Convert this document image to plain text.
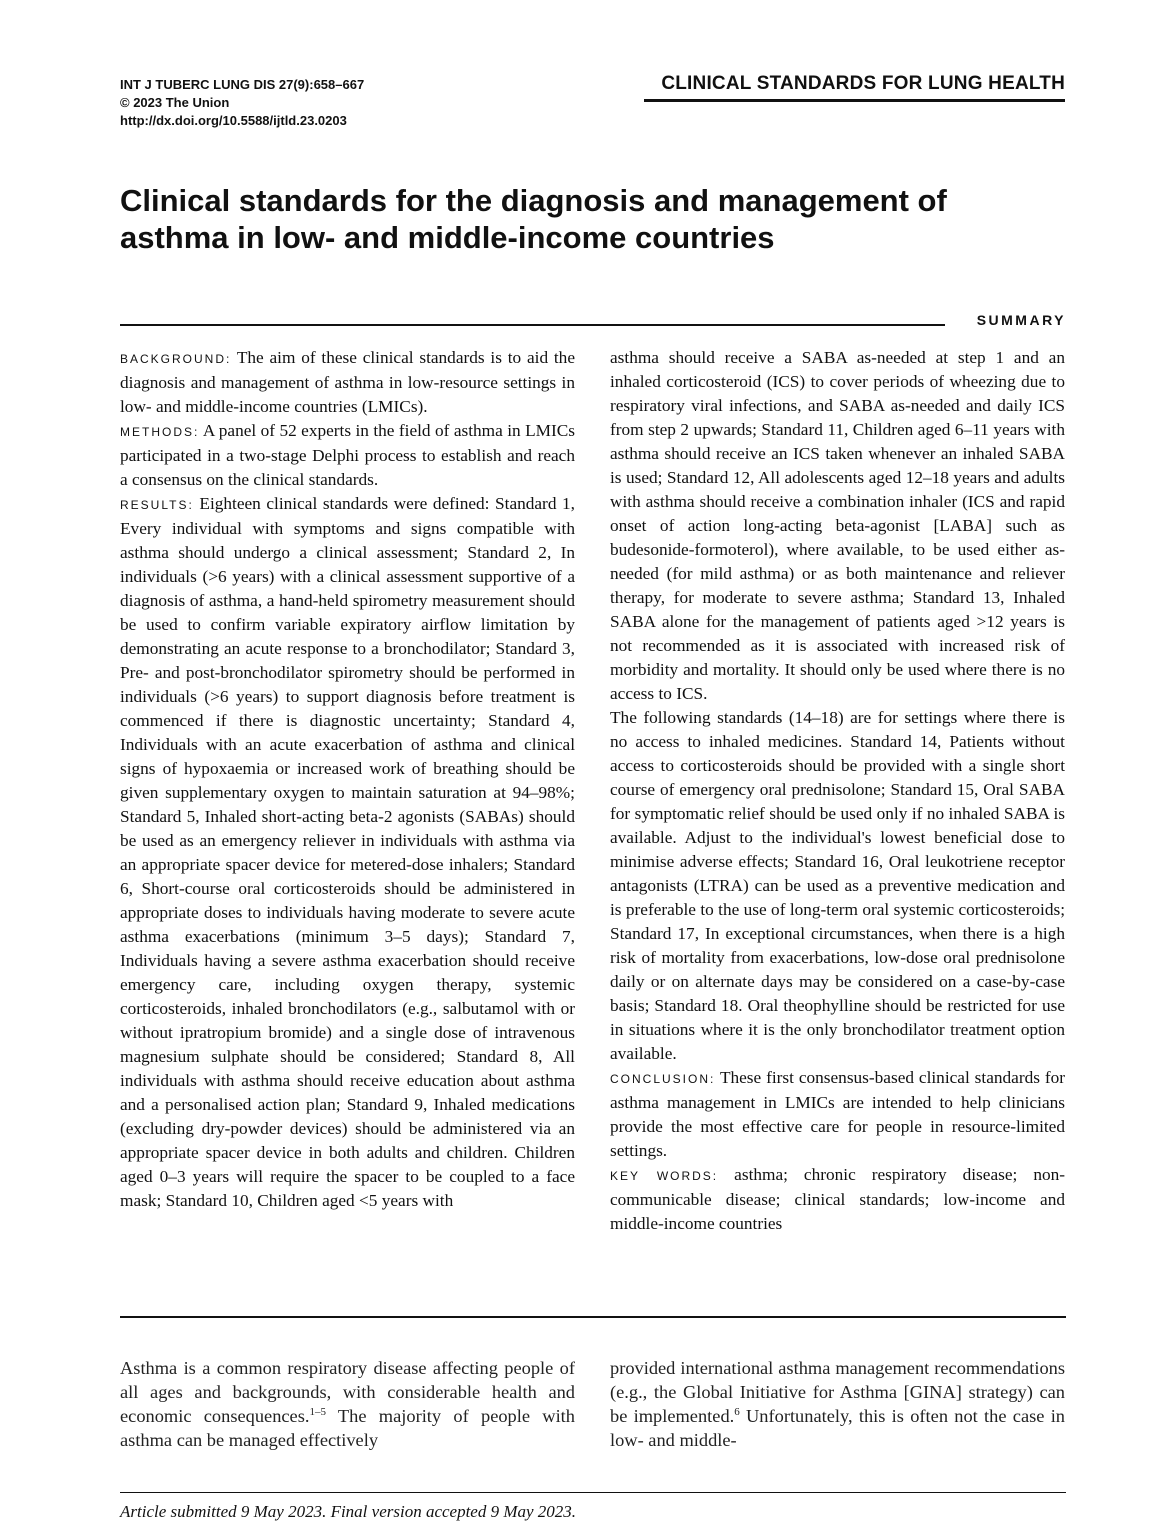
INT J TUBERC LUNG DIS 27(9):658–667
© 2023 The Union
http://dx.doi.org/10.5588/ijtld.23.0203
CLINICAL STANDARDS FOR LUNG HEALTH
Clinical standards for the diagnosis and management of
asthma in low- and middle-income countries
SUMMARY

BACKGROUND: The aim of these clinical standards is to aid the diagnosis and management of asthma in low-resource settings in low- and middle-income countries (LMICs).

METHODS: A panel of 52 experts in the field of asthma in LMICs participated in a two-stage Delphi process to establish and reach a consensus on the clinical standards.

RESULTS: Eighteen clinical standards were defined: Standard 1, Every individual with symptoms and signs compatible with asthma should undergo a clinical assessment; Standard 2, In individuals (>6 years) with a clinical assessment supportive of a diagnosis of asthma, a hand-held spirometry measurement should be used to confirm variable expiratory airflow limitation by demonstrating an acute response to a bronchodilator; Standard 3, Pre- and post-bronchodilator spirometry should be performed in individuals (>6 years) to support diagnosis before treatment is commenced if there is diagnostic uncertainty; Standard 4, Individuals with an acute exacerbation of asthma and clinical signs of hypoxaemia or increased work of breathing should be given supplementary oxygen to maintain saturation at 94–98%; Standard 5, Inhaled short-acting beta-2 agonists (SABAs) should be used as an emergency reliever in individuals with asthma via an appropriate spacer device for metered-dose inhalers; Standard 6, Short-course oral corticosteroids should be administered in appropriate doses to individuals having moderate to severe acute asthma exacerbations (minimum 3–5 days); Standard 7, Individuals having a severe asthma exacerbation should receive emergency care, including oxygen therapy, systemic corticosteroids, inhaled bronchodilators (e.g., salbutamol with or without ipratropium bromide) and a single dose of intravenous magnesium sulphate should be considered; Standard 8, All individuals with asthma should receive education about asthma and a personalised action plan; Standard 9, Inhaled medications (excluding dry-powder devices) should be administered via an appropriate spacer device in both adults and children. Children aged 0–3 years will require the spacer to be coupled to a face mask; Standard 10, Children aged <5 years with

asthma should receive a SABA as-needed at step 1 and an inhaled corticosteroid (ICS) to cover periods of wheezing due to respiratory viral infections, and SABA as-needed and daily ICS from step 2 upwards; Standard 11, Children aged 6–11 years with asthma should receive an ICS taken whenever an inhaled SABA is used; Standard 12, All adolescents aged 12–18 years and adults with asthma should receive a combination inhaler (ICS and rapid onset of action long-acting beta-agonist [LABA] such as budesonide-formoterol), where available, to be used either as-needed (for mild asthma) or as both maintenance and reliever therapy, for moderate to severe asthma; Standard 13, Inhaled SABA alone for the management of patients aged >12 years is not recommended as it is associated with increased risk of morbidity and mortality. It should only be used where there is no access to ICS.

The following standards (14–18) are for settings where there is no access to inhaled medicines. Standard 14, Patients without access to corticosteroids should be provided with a single short course of emergency oral prednisolone; Standard 15, Oral SABA for symptomatic relief should be used only if no inhaled SABA is available. Adjust to the individual's lowest beneficial dose to minimise adverse effects; Standard 16, Oral leukotriene receptor antagonists (LTRA) can be used as a preventive medication and is preferable to the use of long-term oral systemic corticosteroids; Standard 17, In exceptional circumstances, when there is a high risk of mortality from exacerbations, low-dose oral prednisolone daily or on alternate days may be considered on a case-by-case basis; Standard 18. Oral theophylline should be restricted for use in situations where it is the only bronchodilator treatment option available.

CONCLUSION: These first consensus-based clinical standards for asthma management in LMICs are intended to help clinicians provide the most effective care for people in resource-limited settings.

KEY WORDS: asthma; chronic respiratory disease; non-communicable disease; clinical standards; low-income and middle-income countries

Asthma is a common respiratory disease affecting people of all ages and backgrounds, with considerable health and economic consequences.$^{1-5}$ The majority of people with asthma can be managed effectively

provided international asthma management recommendations (e.g., the Global Initiative for Asthma [GINA] strategy) can be implemented.$^6$ Unfortunately, this is often not the case in low- and middle-

Article submitted 9 May 2023. Final version accepted 9 May 2023.
